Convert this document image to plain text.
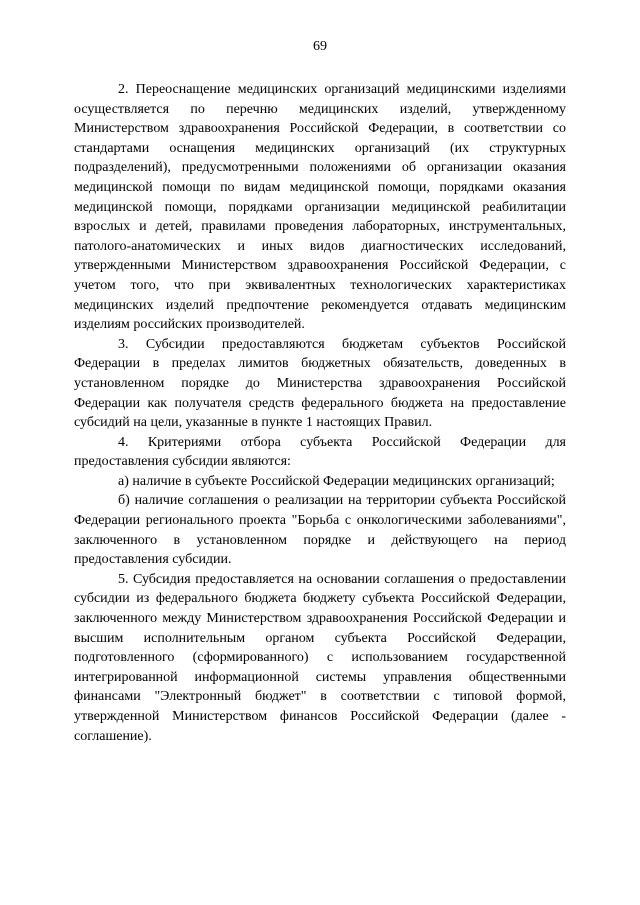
69

2. Переоснащение медицинских организаций медицинскими изделиями осуществляется по перечню медицинских изделий, утвержденному Министерством здравоохранения Российской Федерации, в соответствии со стандартами оснащения медицинских организаций (их структурных подразделений), предусмотренными положениями об организации оказания медицинской помощи по видам медицинской помощи, порядками оказания медицинской помощи, порядками организации медицинской реабилитации взрослых и детей, правилами проведения лабораторных, инструментальных, патолого-анатомических и иных видов диагностических исследований, утвержденными Министерством здравоохранения Российской Федерации, с учетом того, что при эквивалентных технологических характеристиках медицинских изделий предпочтение рекомендуется отдавать медицинским изделиям российских производителей.

3. Субсидии предоставляются бюджетам субъектов Российской Федерации в пределах лимитов бюджетных обязательств, доведенных в установленном порядке до Министерства здравоохранения Российской Федерации как получателя средств федерального бюджета на предоставление субсидий на цели, указанные в пункте 1 настоящих Правил.

4. Критериями отбора субъекта Российской Федерации для предоставления субсидии являются:

а) наличие в субъекте Российской Федерации медицинских организаций;

б) наличие соглашения о реализации на территории субъекта Российской Федерации регионального проекта "Борьба с онкологическими заболеваниями", заключенного в установленном порядке и действующего на период предоставления субсидии.

5. Субсидия предоставляется на основании соглашения о предоставлении субсидии из федерального бюджета бюджету субъекта Российской Федерации, заключенного между Министерством здравоохранения Российской Федерации и высшим исполнительным органом субъекта Российской Федерации, подготовленного (сформированного) с использованием государственной интегрированной информационной системы управления общественными финансами "Электронный бюджет" в соответствии с типовой формой, утвержденной Министерством финансов Российской Федерации (далее - соглашение).
